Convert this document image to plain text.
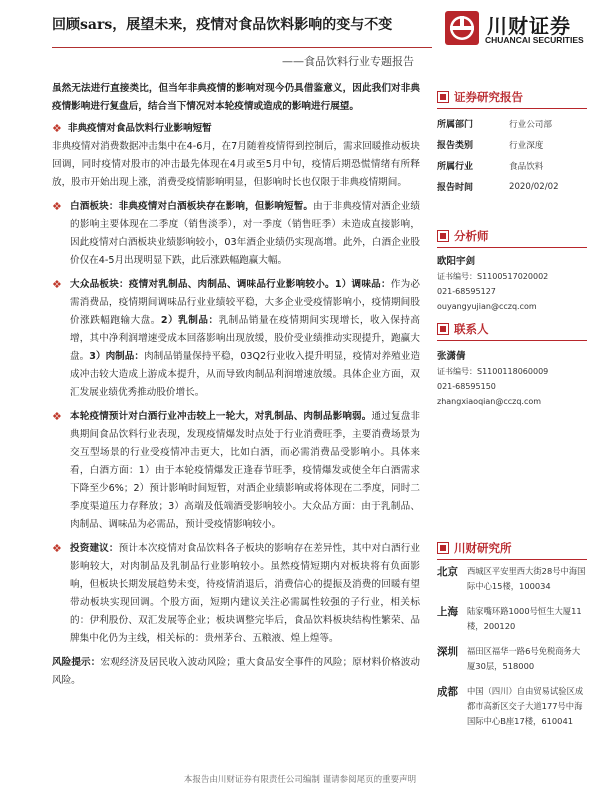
回顾sars，展望未来，疫情对食品饮料影响的变与不变
——食品饮料行业专题报告
川财证券
CHUANCAI SECURITIES

虽然无法进行直接类比，但当年非典疫情的影响对现今仍具借鉴意义，因此我们对非典疫情影响进行复盘后，结合当下情况对本轮疫情或造成的影响进行展望。

❖ 非典疫情对食品饮料行业影响短暂

非典疫情对消费数据冲击集中在4-6月，在7月随着疫情得到控制后，需求回暖推动板块回调，同时疫情对股市的冲击最先体现在4月或至5月中旬，疫情后期恐慌情绪有所释放，股市开始出现上涨，消费受疫情影响明显，但影响时长也仅限于非典疫情期间。

❖ 白酒板块：非典疫情对白酒板块存在影响，但影响短暂。由于非典疫情对酒企业绩的影响主要体现在二季度（销售淡季），对一季度（销售旺季）未造成直接影响，因此疫情对白酒板块业绩影响较小，03年酒企业绩仍实现高增。此外，白酒企业股价仅在4-5月出现明显下跌，此后涨跌幅跑赢大幅。

❖ 大众品板块：疫情对乳制品、肉制品、调味品行业影响较小。1）调味品：作为必需消费品，疫情期间调味品行业业绩较平稳，大多企业受疫情影响小，疫情期间股价涨跌幅跑输大盘。2）乳制品：乳制品销量在疫情期间实现增长，收入保持高增，其中净利润增速受成本回落影响出现放缓，股价受业绩推动实现提升，跑赢大盘。3）肉制品：肉制品销量保持平稳，03Q2行业收入提升明显，疫情对养殖业造成冲击较大造成上游成本提升，从而导致肉制品利润增速放缓。具体企业方面，双汇发展业绩优秀推动股价增长。

❖ 本轮疫情预计对白酒行业冲击较上一轮大，对乳制品、肉制品影响弱。通过复盘非典期间食品饮料行业表现，发现疫情爆发时点处于行业消费旺季，主要消费场景为交互型场景的行业受疫情冲击更大，比如白酒，而必需消费品受影响小。具体来看，白酒方面：1）由于本轮疫情爆发正逢春节旺季，疫情爆发或使全年白酒需求下降至少6%；2）预计影响时间短暂，对酒企业绩影响或将体现在二季度，同时二季度渠道压力存释放；3）高端及低端酒受影响较小。大众品方面：由于乳制品、肉制品、调味品为必需品，预计受疫情影响较小。

❖ 投资建议：预计本次疫情对食品饮料各子板块的影响存在差异性，其中对白酒行业影响较大，对肉制品及乳制品行业影响较小。虽然疫情短期内对板块将有负面影响，但板块长期发展趋势未变，待疫情消退后，消费信心的提振及消费的回暖有望带动板块实现回调。个股方面，短期内建议关注必需属性较强的子行业，相关标的：伊利股份、双汇发展等企业；板块调整完毕后，食品饮料板块结构性繁荣、品牌集中化仍为主线，相关标的：贵州茅台、五粮液、煌上煌等。

风险提示：宏观经济及居民收入波动风险；重大食品安全事件的风险；原材料价格波动风险。

证券研究报告
所属部门	行业公司部
报告类别	行业深度
所属行业	食品饮料
报告时间	2020/02/02
分析师
欧阳宇剑
证书编号：S1100517020002
021-68595127
ouyangyujian@cczq.com
联系人
张潇倩
证书编号：S1100118060009
021-68595150
zhangxiaoqian@cczq.com
川财研究所
北京	西城区平安里西大街28号中海国际中心15楼，100034
上海	陆家嘴环路1000号恒生大厦11楼，200120
深圳	福田区福华一路6号免税商务大厦30层，518000
成都	中国（四川）自由贸易试验区成都市高新区交子大道177号中海国际中心B座17楼，610041
本报告由川财证券有限责任公司编制 谨请参阅尾页的重要声明
